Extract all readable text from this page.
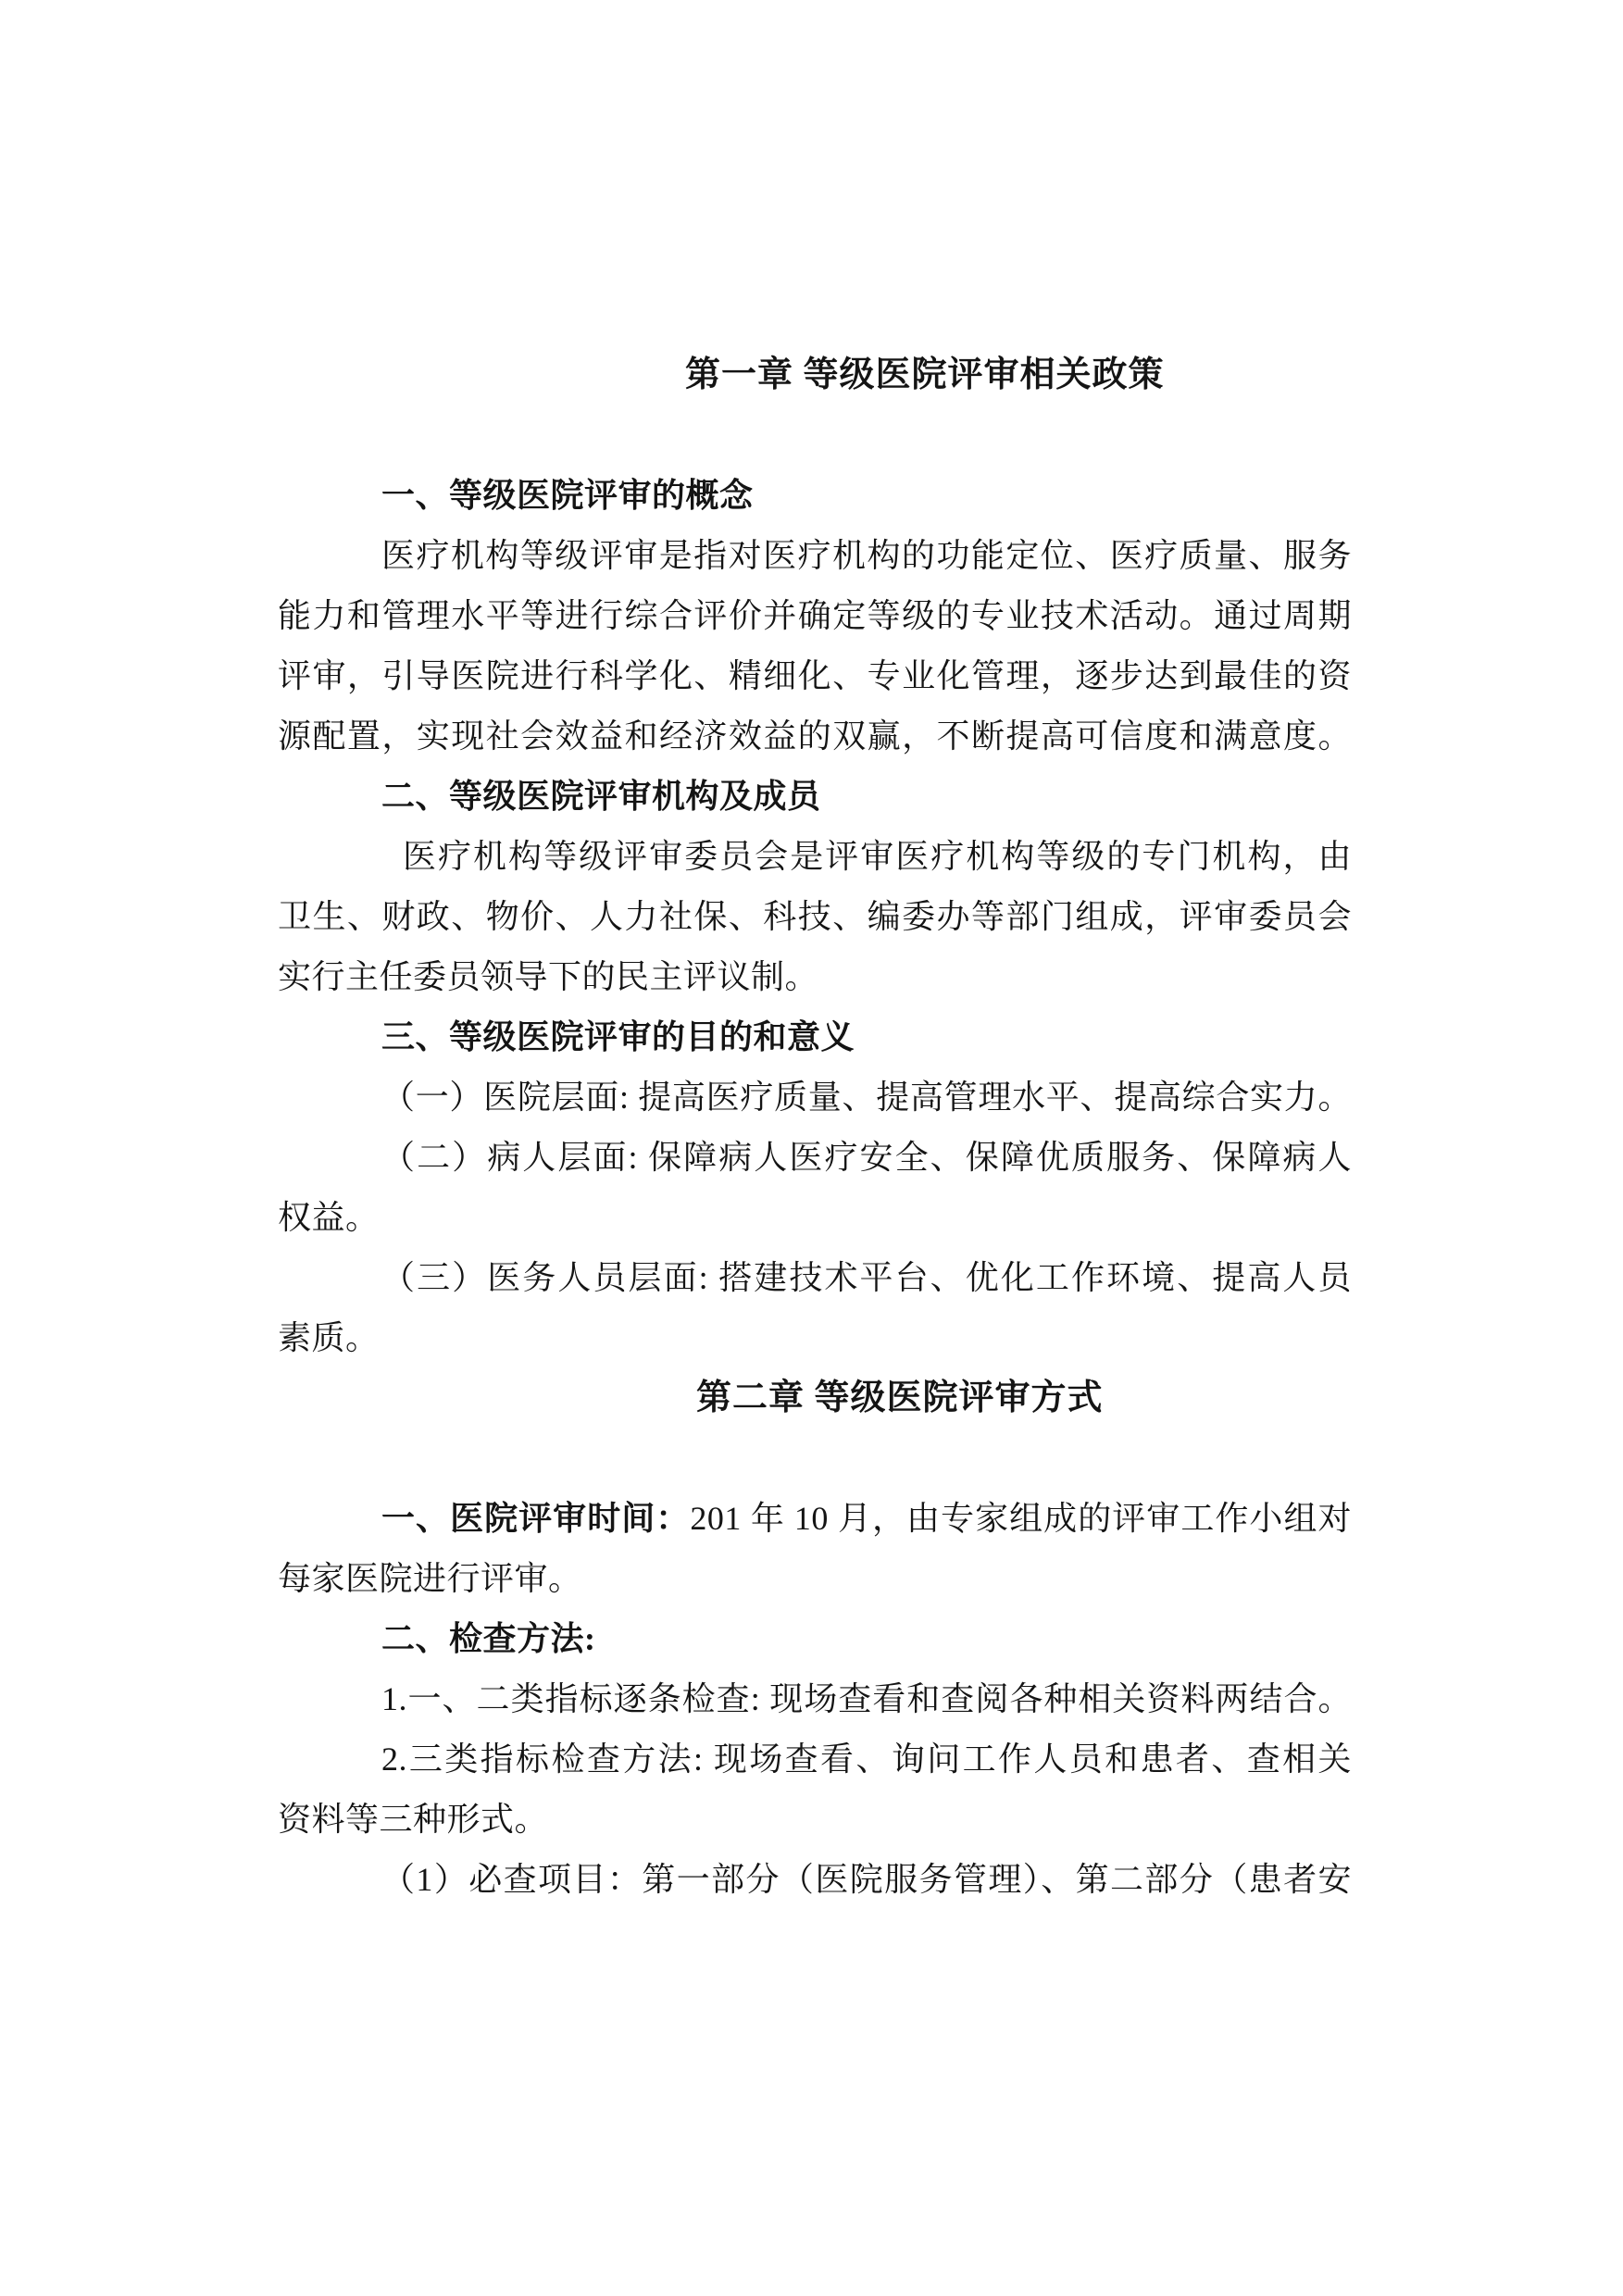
第一章 等级医院评审相关政策
一、等级医院评审的概念
医疗机构等级评审是指对医疗机构的功能定位、医疗质量、服务
能力和管理水平等进行综合评价并确定等级的专业技术活动。通过周期
评审，引导医院进行科学化、精细化、专业化管理，逐步达到最佳的资
源配置，实现社会效益和经济效益的双赢，不断提高可信度和满意度。
二、等级医院评审机构及成员
医疗机构等级评审委员会是评审医疗机构等级的专门机构，由
卫生、财政、物价、人力社保、科技、编委办等部门组成，评审委员会
实行主任委员领导下的民主评议制。
三、等级医院评审的目的和意义
（一）医院层面: 提高医疗质量、提高管理水平、提高综合实力。
（二）病人层面: 保障病人医疗安全、保障优质服务、保障病人
权益。
（三）医务人员层面: 搭建技术平台、优化工作环境、提高人员
素质。
第二章 等级医院评审方式
一、医院评审时间：201 年 10 月，由专家组成的评审工作小组对
每家医院进行评审。
二、检查方法:
1.一、二类指标逐条检查: 现场查看和查阅各种相关资料两结合。
2.三类指标检查方法: 现场查看、询问工作人员和患者、查相关
资料等三种形式。
（1）必查项目：第一部分（医院服务管理）、第二部分（患者安
